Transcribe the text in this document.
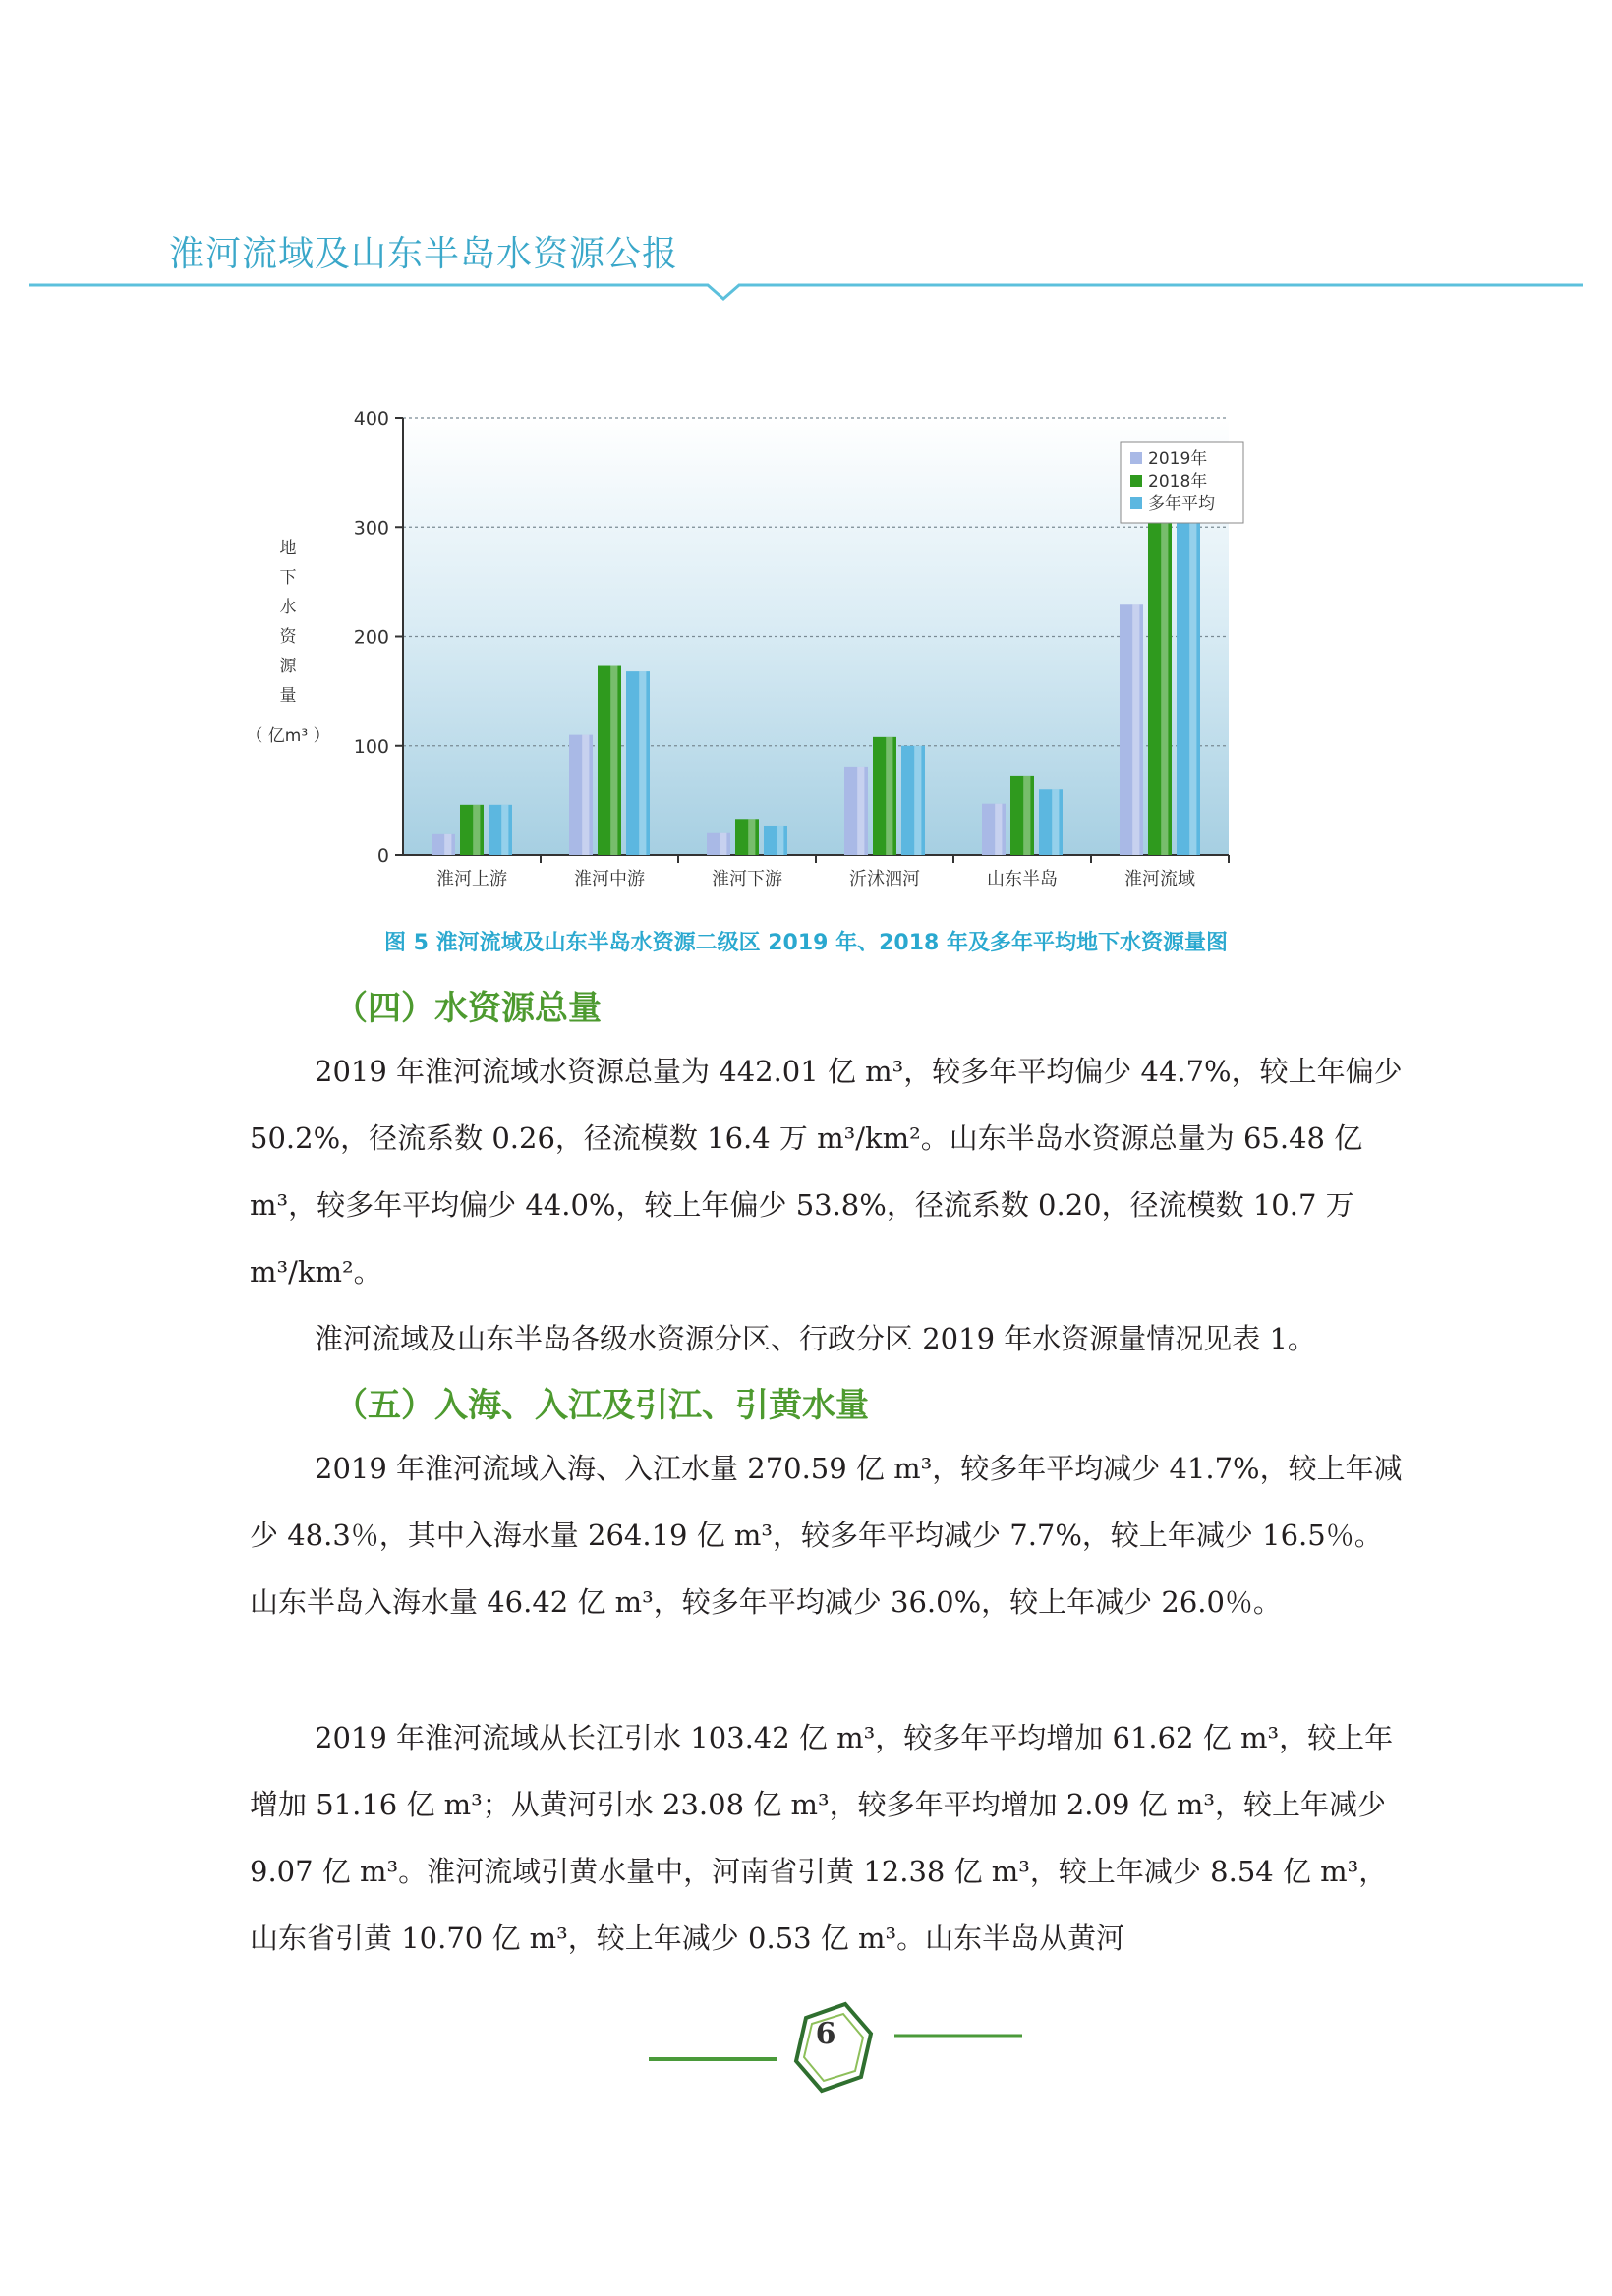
淮河流域及山东半岛水资源公报
地
下
水
资
源
量
（ 亿m³ ）
0
100
200
300
400
淮河上游	淮河中游	淮河下游	沂沭泗河	山东半岛	淮河流域
2019年
2018年
多年平均
图 5 淮河流域及山东半岛水资源二级区 2019 年、2018 年及多年平均地下水资源量图
（四）水资源总量
2019 年淮河流域水资源总量为 442.01 亿 m³，较多年平均偏少 44.7%，较上年偏少 50.2%，径流系数 0.26，径流模数 16.4 万 m³/km²。山东半岛水资源总量为 65.48 亿 m³，较多年平均偏少 44.0%，较上年偏少 53.8%，径流系数 0.20，径流模数 10.7 万 m³/km²。
淮河流域及山东半岛各级水资源分区、行政分区 2019 年水资源量情况见表 1。
（五）入海、入江及引江、引黄水量
2019 年淮河流域入海、入江水量 270.59 亿 m³，较多年平均减少 41.7%，较上年减少 48.3％，其中入海水量 264.19 亿 m³，较多年平均减少 7.7%，较上年减少 16.5％。山东半岛入海水量 46.42 亿 m³，较多年平均减少 36.0%，较上年减少 26.0％。
2019 年淮河流域从长江引水 103.42 亿 m³，较多年平均增加 61.62 亿 m³，较上年增加 51.16 亿 m³；从黄河引水 23.08 亿 m³，较多年平均增加 2.09 亿 m³，较上年减少 9.07 亿 m³。淮河流域引黄水量中，河南省引黄 12.38 亿 m³，较上年减少 8.54 亿 m³，山东省引黄 10.70 亿 m³，较上年减少 0.53 亿 m³。山东半岛从黄河
6
